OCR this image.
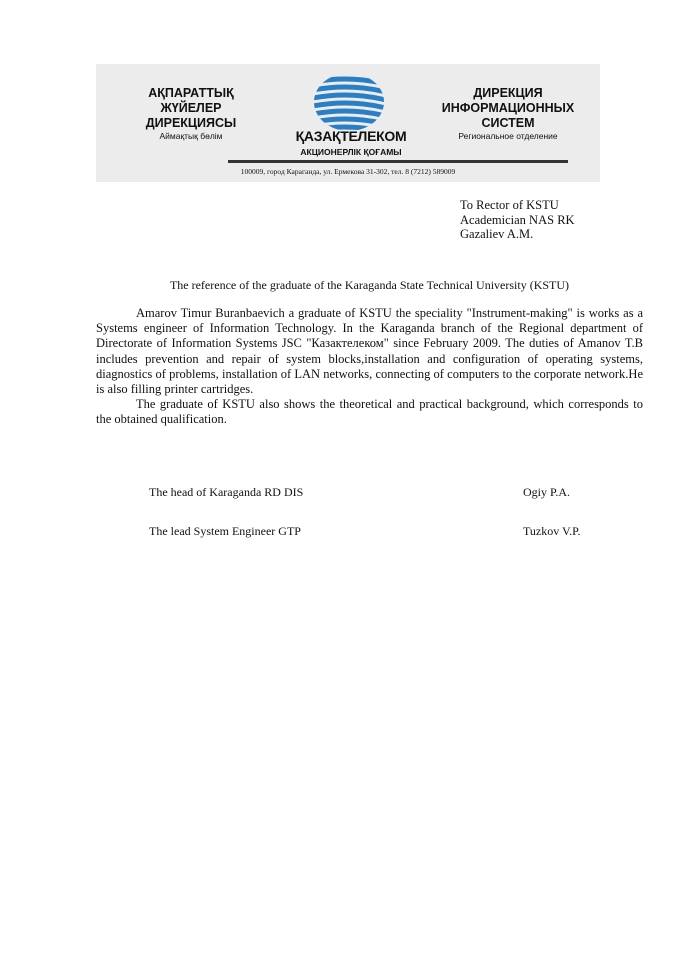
АҚПАРАТТЫҚ
ЖҮЙЕЛЕР
ДИРЕКЦИЯСЫ
Аймақтық бөлім	ҚАЗАҚТЕЛЕКОМ
АКЦИОНЕРЛІК ҚОҒАМЫ
ДИРЕКЦИЯ
ИНФОРМАЦИОННЫХ
СИСТЕМ
Региональное отделение
100009, город Караганда, ул. Ермекова 31-302, тел. 8 (7212) 589009
To Rector of KSTU
Academician NAS RK
Gazaliev A.M.
The reference of the graduate of the Karaganda State Technical University (KSTU)

Amarov Timur Buranbaevich a graduate of KSTU the speciality "Instrument-making" is works as a Systems engineer of Information Technology. In the Karaganda branch of the Regional department of Directorate of Information Systems JSC "Казактелеком" since February 2009. The duties of Amanov T.B includes prevention and repair of system blocks,installation and configuration of operating systems, diagnostics of problems, installation of LAN networks, connecting of computers to the corporate network.He is also filling printer cartridges.

The graduate of KSTU also shows the theoretical and practical background, which corresponds to the obtained qualification.

The head of Karaganda RD DIS	Ogiy P.A.
The lead System Engineer GTP	Tuzkov V.P.
